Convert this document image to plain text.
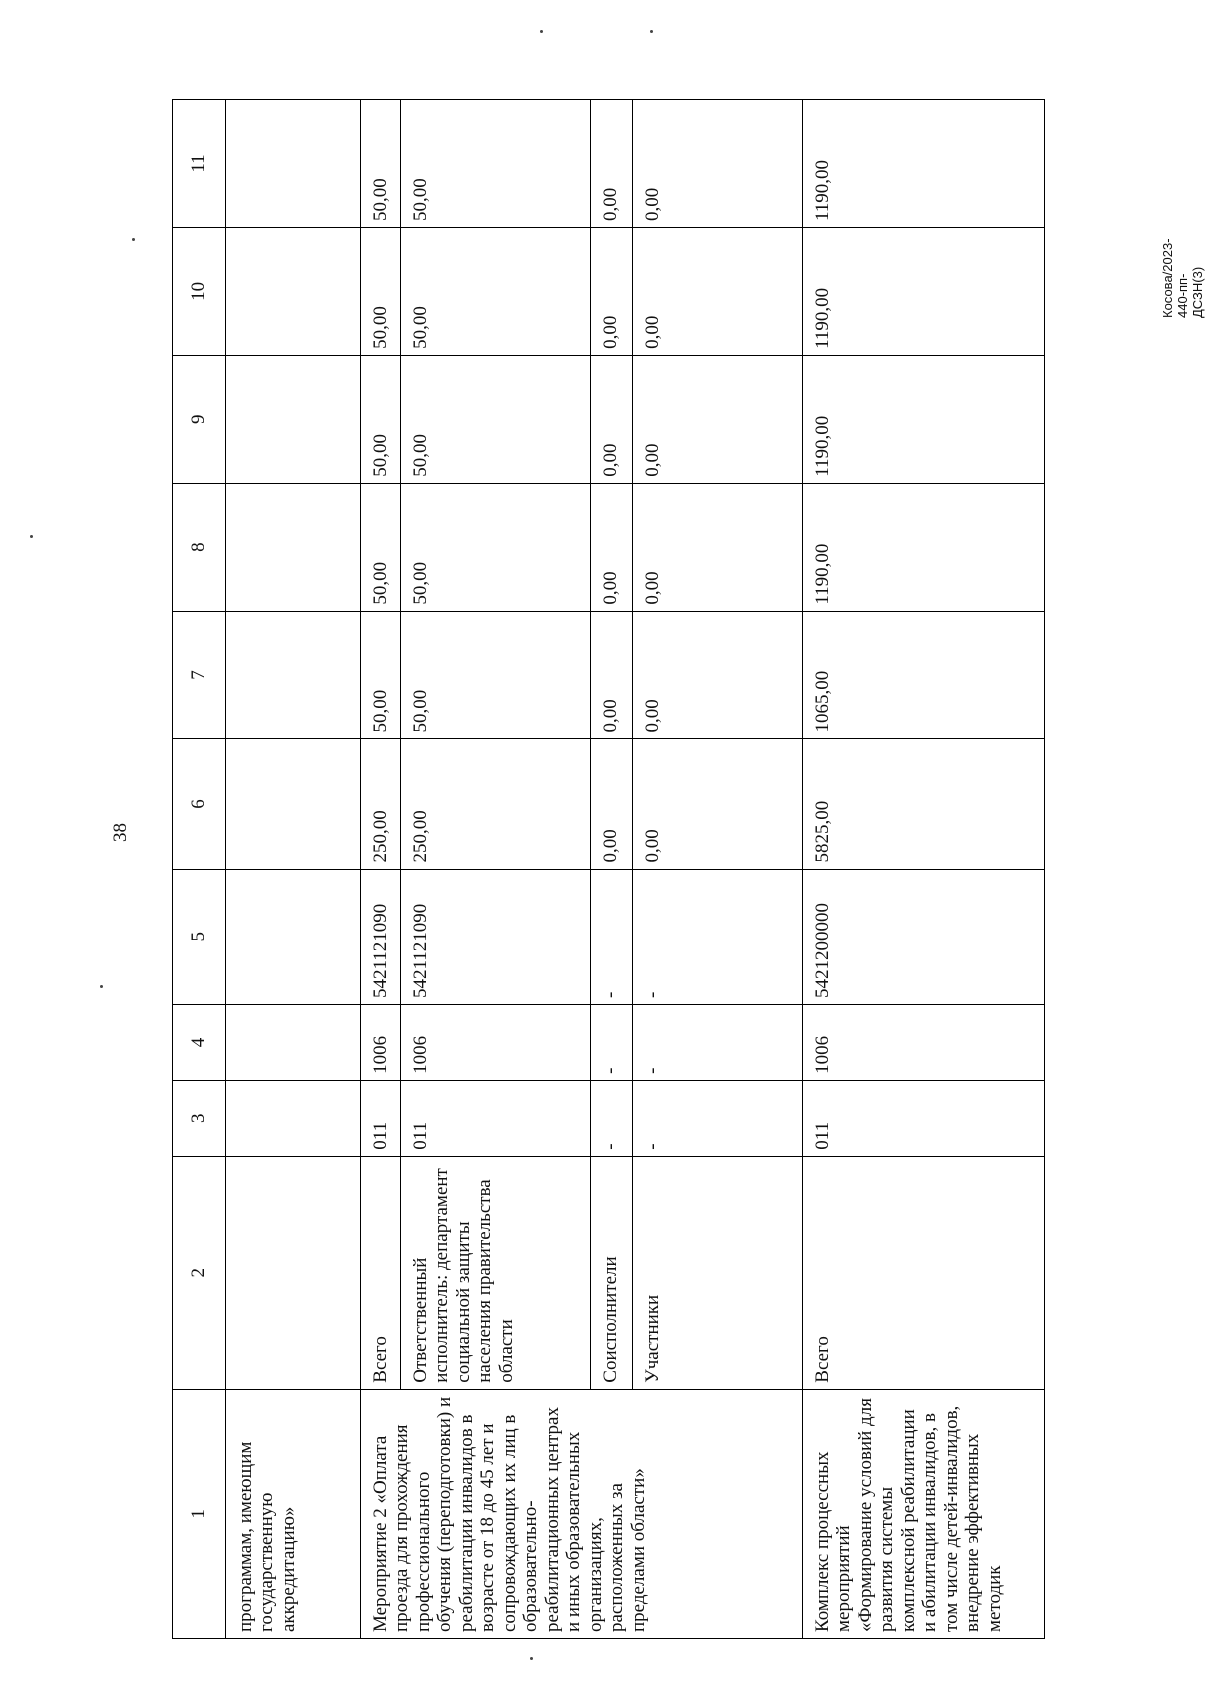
38
Косова/2023-440-пп-ДСЗН(3)
1	2	3	4	5	6	7	8	9	10	11
программам, имеющим государственную аккредитацию»										
Мероприятие 2 «Оплата проезда для прохождения профессионального обучения (переподготовки) и реабилитации инвалидов в возрасте от 18 до 45 лет и сопровождающих их лиц в образовательно-реабилитационных центрах и иных образовательных организациях, расположенных за пределами области»	Всего	011	1006	5421121090	250,00	50,00	50,00	50,00	50,00	50,00
	Ответственный исполнитель: департамент социальной защиты населения правительства области	011	1006	5421121090	250,00	50,00	50,00	50,00	50,00	50,00
	Соисполнители	-	-	-	0,00	0,00	0,00	0,00	0,00	0,00
	Участники	-	-	-	0,00	0,00	0,00	0,00	0,00	0,00
Комплекс процессных мероприятий «Формирование условий для развития системы комплексной реабилитации и абилитации инвалидов, в том числе детей-инвалидов, внедрение эффективных методик	Всего	011	1006	5421200000	5825,00	1065,00	1190,00	1190,00	1190,00	1190,00
